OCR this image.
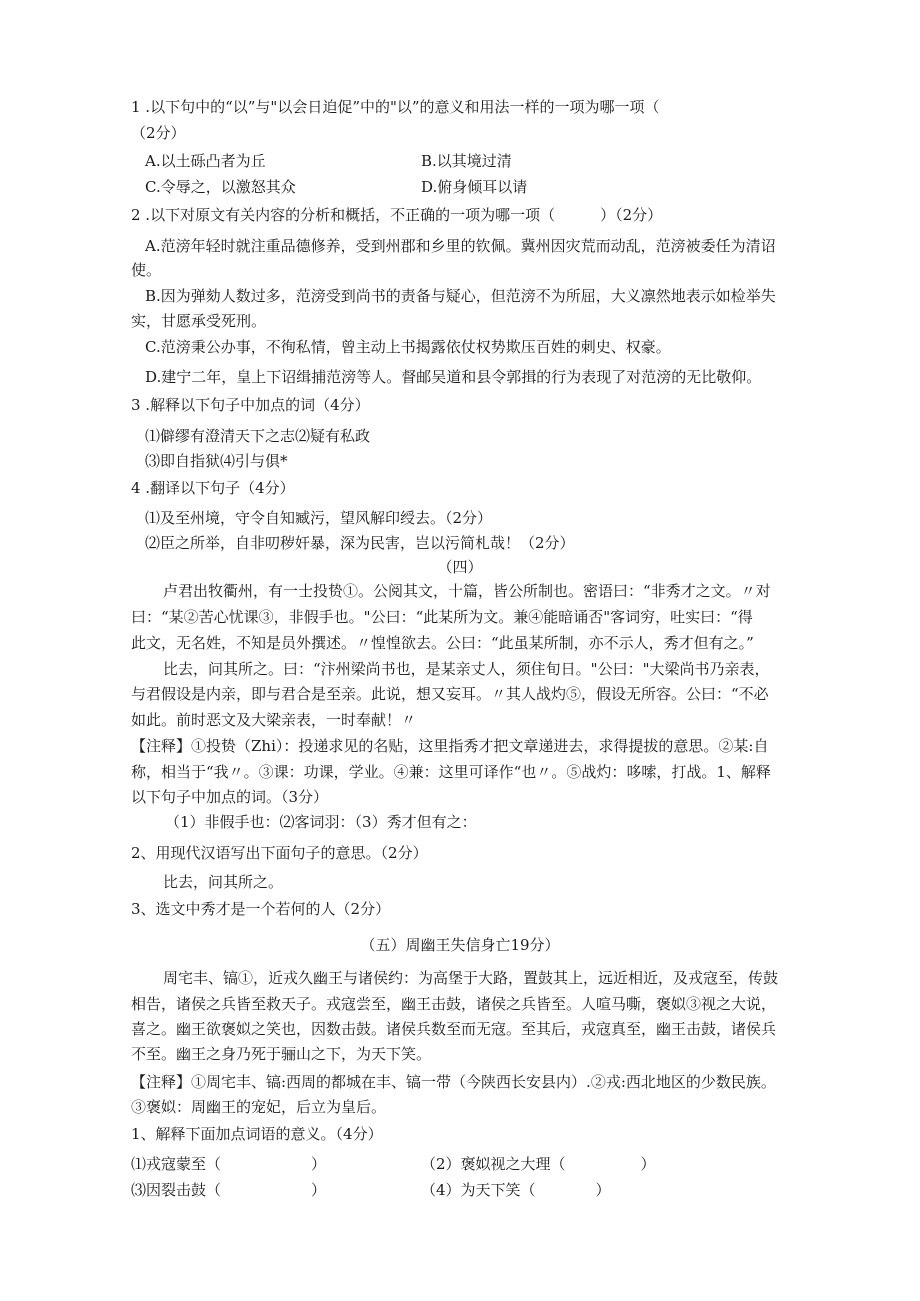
1 .以下句中的“以”与"以会日迫促”中的"以”的意义和用法一样的一项为哪一项（
（2分）
A.以土砾凸者为丘	B.以其境过清
C.令辱之，以激怒其众	D.俯身倾耳以请
2 .以下对原文有关内容的分析和概括，不正确的一项为哪一项（　　　）（2分）
A.范滂年轻时就注重品德修养，受到州郡和乡里的钦佩。冀州因灾荒而动乱，范滂被委任为清诏
使。
B.因为弹劾人数过多，范滂受到尚书的责备与疑心，但范滂不为所屈，大义凛然地表示如检举失
实，甘愿承受死刑。
C.范滂秉公办事，不徇私情，曾主动上书揭露依仗权势欺压百姓的刺史、权豪。
D.建宁二年，皇上下诏缉捕范滂等人。督邮吴道和县令郭揖的行为表现了对范滂的无比敬仰。
3 .解释以下句子中加点的词（4分）
⑴僻缪有澄清天下之志⑵疑有私政
⑶即自指狱⑷引与俱*
4 .翻译以下句子（4分）
⑴及至州境，守令自知臧污，望风解印绶去。（2分）
⑵臣之所举，自非叨秽奸暴，深为民害，岂以污简札哉！（2分）
（四）
卢君出牧衢州，有一士投贽①。公阅其文，十篇，皆公所制也。密语曰：“非秀才之文。〃对
曰：“某②苦心忧课③，非假手也。"公曰：“此某所为文。兼④能暗诵否"客词穷，吐实曰：“得
此文，无名姓，不知是员外撰述。〃惶惶欲去。公曰：“此虽某所制，亦不示人，秀才但有之。”
比去，问其所之。曰：“汴州梁尚书也，是某亲丈人，须住旬日。"公曰："大梁尚书乃亲表，
与君假设是内亲，即与君合是至亲。此说，想又妄耳。〃其人战灼⑤，假设无所容。公曰：“不必
如此。前时恶文及大梁亲表，一时奉献！〃
【注释】①投贽（Zhi）：投递求见的名贴，这里指秀才把文章递进去，求得提拔的意思。②某:自
称，相当于“我〃。③课：功课，学业。④兼：这里可译作“也〃。⑤战灼：哆嗦，打战。1、解释
以下句子中加点的词。（3分）
（1）非假手也：⑵客词羽：（3）秀才但有之：
2、用现代汉语写出下面句子的意思。（2分）
比去，问其所之。
3、选文中秀才是一个若何的人（2分）
（五）周幽王失信身亡19分）
周宅丰、镐①，近戎久幽王与诸侯约：为高堡于大路，置鼓其上，远近相近，及戎寇至，传鼓
相告，诸侯之兵皆至救天子。戎寇尝至，幽王击鼓，诸侯之兵皆至。人喧马嘶，褒姒③视之大说，
喜之。幽王欲褒姒之笑也，因数击鼓。诸侯兵数至而无寇。至其后，戎寇真至，幽王击鼓，诸侯兵
不至。幽王之身乃死于骊山之下，为天下笑。
【注释】①周宅丰、镐:西周的都城在丰、镐一带（今陕西长安县内）.②戎:西北地区的少数民族。
③褒姒：周幽王的宠妃，后立为皇后。
1、解释下面加点词语的意义。（4分）
⑴戎寇蒙至（　　　　　　）	（2）褒姒视之大理（　　　　　）
⑶因裂击鼓（　　　　　　）	（4）为天下笑（　　　　）
